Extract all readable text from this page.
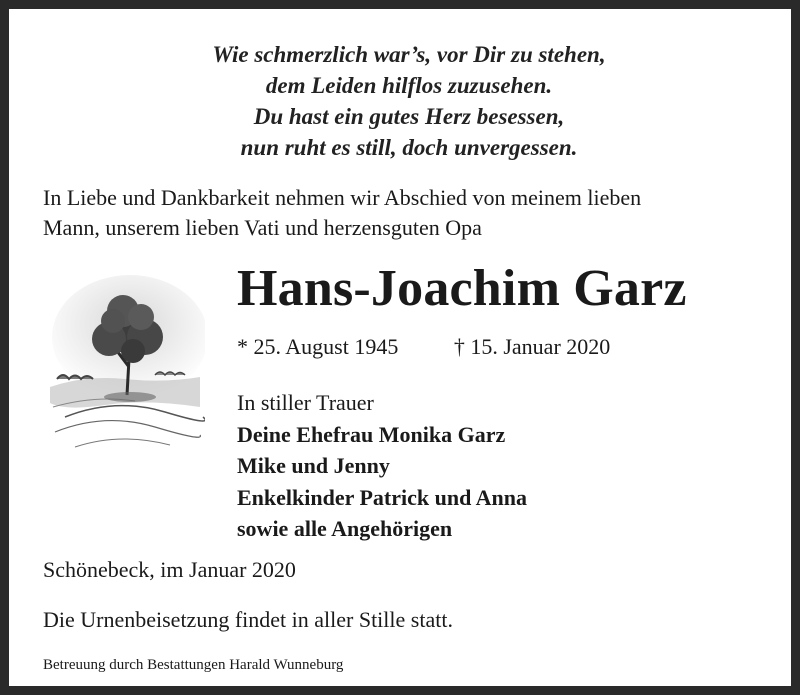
Wie schmerzlich war’s, vor Dir zu stehen,
dem Leiden hilflos zuzusehen.
Du hast ein gutes Herz besessen,
nun ruht es still, doch unvergessen.
In Liebe und Dankbarkeit nehmen wir Abschied von meinem lieben
Mann, unserem lieben Vati und herzensguten Opa
Hans-Joachim Garz
* 25. August 1945	† 15. Januar 2020
In stiller Trauer
Deine Ehefrau Monika Garz
Mike und Jenny
Enkelkinder Patrick und Anna
sowie alle Angehörigen
Schönebeck, im Januar 2020
Die Urnenbeisetzung findet in aller Stille statt.
Betreuung durch Bestattungen Harald Wunneburg
